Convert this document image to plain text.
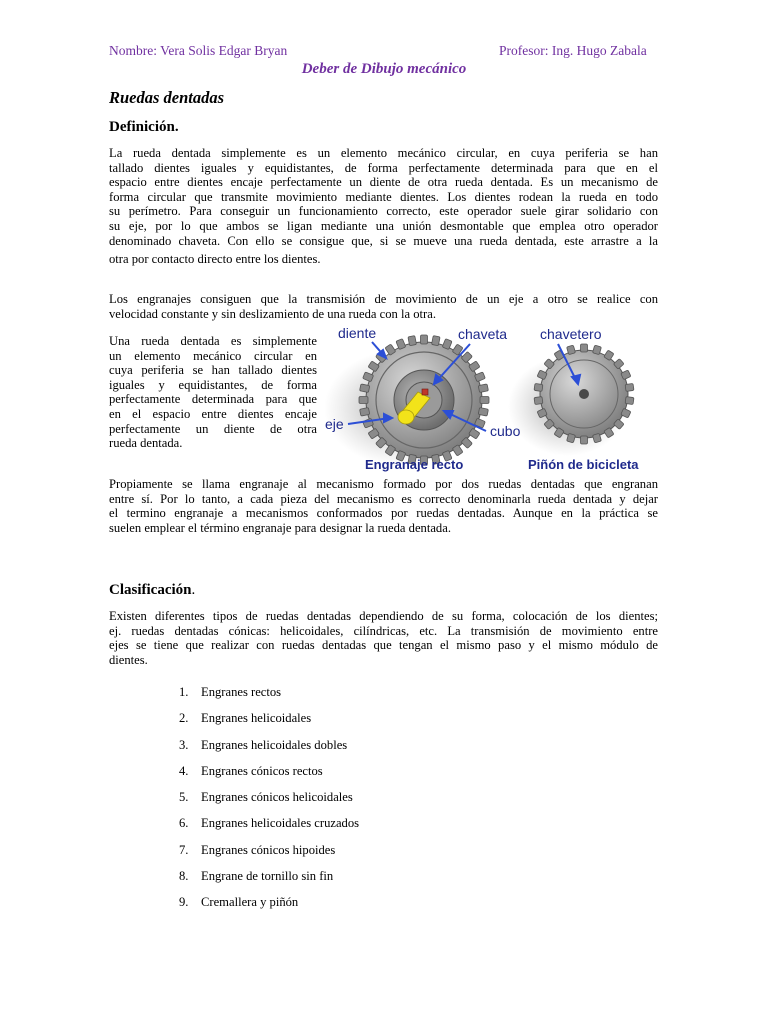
Nombre: Vera Solis Edgar Bryan	Profesor: Ing. Hugo Zabala
Deber de Dibujo mecánico
Ruedas dentadas
Definición.
La rueda dentada simplemente es un elemento mecánico circular, en cuya periferia se han
tallado dientes iguales y equidistantes, de forma perfectamente determinada para que en el
espacio entre dientes encaje perfectamente un diente de otra rueda dentada. Es un mecanismo de
forma circular que transmite movimiento mediante dientes. Los dientes rodean la rueda en todo
su perímetro. Para conseguir un funcionamiento correcto, este operador suele girar solidario con
su eje, por lo que ambos se ligan mediante una unión desmontable que emplea otro operador
denominado chaveta. Con ello se consigue que, si se mueve una rueda dentada, este arrastre a la
otra por contacto directo entre los dientes.
Los engranajes consiguen que la transmisión de movimiento de un eje a otro se realice con
velocidad constante y sin deslizamiento de una rueda con la otra.
Una rueda dentada es simplemente
un elemento mecánico circular en
cuya periferia se han tallado dientes
iguales y equidistantes, de forma
perfectamente determinada para que
en el espacio entre dientes encaje
perfectamente un diente de otra
rueda dentada.
diente	chaveta chavetero
eje	cubo
Engranaje recto	Piñón de bicicleta
Propiamente se llama engranaje al mecanismo formado por dos ruedas dentadas que engranan
entre sí. Por lo tanto, a cada pieza del mecanismo es correcto denominarla rueda dentada y dejar
el termino engranaje a mecanismos conformados por ruedas dentadas. Aunque en la práctica se
suelen emplear el término engranaje para designar la rueda dentada.
Clasificación.
Existen diferentes tipos de ruedas dentadas dependiendo de su forma, colocación de los dientes;
ej. ruedas dentadas cónicas: helicoidales, cilíndricas, etc. La transmisión de movimiento entre
ejes se tiene que realizar con ruedas dentadas que tengan el mismo paso y el mismo módulo de
dientes.
1. Engranes rectos
2. Engranes helicoidales
3. Engranes helicoidales dobles
4. Engranes cónicos rectos
5. Engranes cónicos helicoidales
6. Engranes helicoidales cruzados
7. Engranes cónicos hipoides
8. Engrane de tornillo sin fin
9. Cremallera y piñón
